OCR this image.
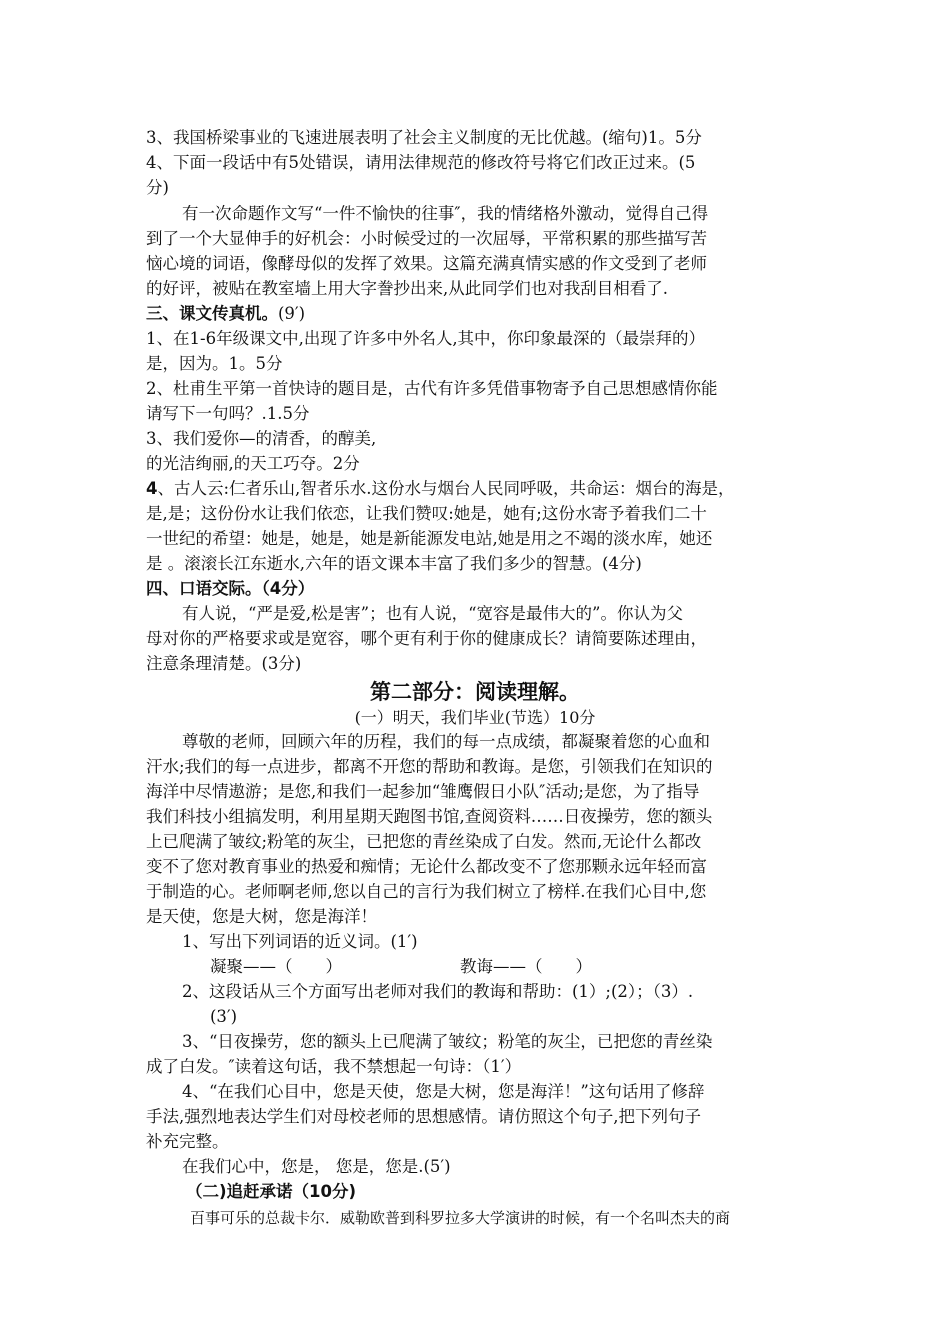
3、我国桥梁事业的飞速进展表明了社会主义制度的无比优越。(缩句)1。5分
4、下面一段话中有5处错误，请用法律规范的修改符号将它们改正过来。(5
分)
有一次命题作文写“一件不愉快的往事″，我的情绪格外激动，觉得自己得
到了一个大显伸手的好机会：小时候受过的一次屈辱，平常积累的那些描写苦
恼心境的词语，像酵母似的发挥了效果。这篇充满真情实感的作文受到了老师
的好评，被贴在教室墙上用大字誊抄出来,从此同学们也对我刮目相看了.
三、课文传真机。(9′)
1、在1-6年级课文中,出现了许多中外名人,其中，你印象最深的（最崇拜的）
是，因为。1。5分
2、杜甫生平第一首快诗的题目是，古代有许多凭借事物寄予自己思想感情你能
请写下一句吗？.1.5分
3、我们爱你—的清香，的醇美,
的光洁绚丽,的天工巧夺。2分
4、古人云:仁者乐山,智者乐水.这份水与烟台人民同呼吸，共命运：烟台的海是，
是,是；这份份水让我们依恋，让我们赞叹:她是，她有;这份水寄予着我们二十
一世纪的希望：她是，她是，她是新能源发电站,她是用之不竭的淡水库，她还
是 。滚滚长江东逝水,六年的语文课本丰富了我们多少的智慧。(4分)
四、口语交际。（4分）
有人说，“严是爱,松是害”；也有人说，“宽容是最伟大的”。你认为父
母对你的严格要求或是宽容，哪个更有利于你的健康成长？请简要陈述理由，
注意条理清楚。(3分)
第二部分：阅读理解。
(一）明天，我们毕业(节选）10分
尊敬的老师，回顾六年的历程，我们的每一点成绩，都凝聚着您的心血和
汗水;我们的每一点进步，都离不开您的帮助和教诲。是您，引领我们在知识的
海洋中尽情遨游；是您,和我们一起参加“雏鹰假日小队″活动;是您，为了指导
我们科技小组搞发明，利用星期天跑图书馆,查阅资料……日夜操劳，您的额头
上已爬满了皱纹;粉笔的灰尘，已把您的青丝染成了白发。然而,无论什么都改
变不了您对教育事业的热爱和痴情；无论什么都改变不了您那颗永远年轻而富
于制造的心。老师啊老师,您以自己的言行为我们树立了榜样.在我们心目中,您
是天使，您是大树，您是海洋！
1、写出下列词语的近义词。(1′)
凝聚——（　　）	教诲——（　　）
2、这段话从三个方面写出老师对我们的教诲和帮助：(1）;(2）；（3）.
(3′)
3、“日夜操劳，您的额头上已爬满了皱纹；粉笔的灰尘，已把您的青丝染
成了白发。″读着这句话，我不禁想起一句诗：（1′）
4、“在我们心目中，您是天使，您是大树，您是海洋！”这句话用了修辞
手法,强烈地表达学生们对母校老师的思想感情。请仿照这个句子,把下列句子
补充完整。
在我们心中，您是， 您是，您是.(5′)
（二)追赶承诺（10分)
百事可乐的总裁卡尔．威勒欧普到科罗拉多大学演讲的时候，有一个名叫杰夫的商
